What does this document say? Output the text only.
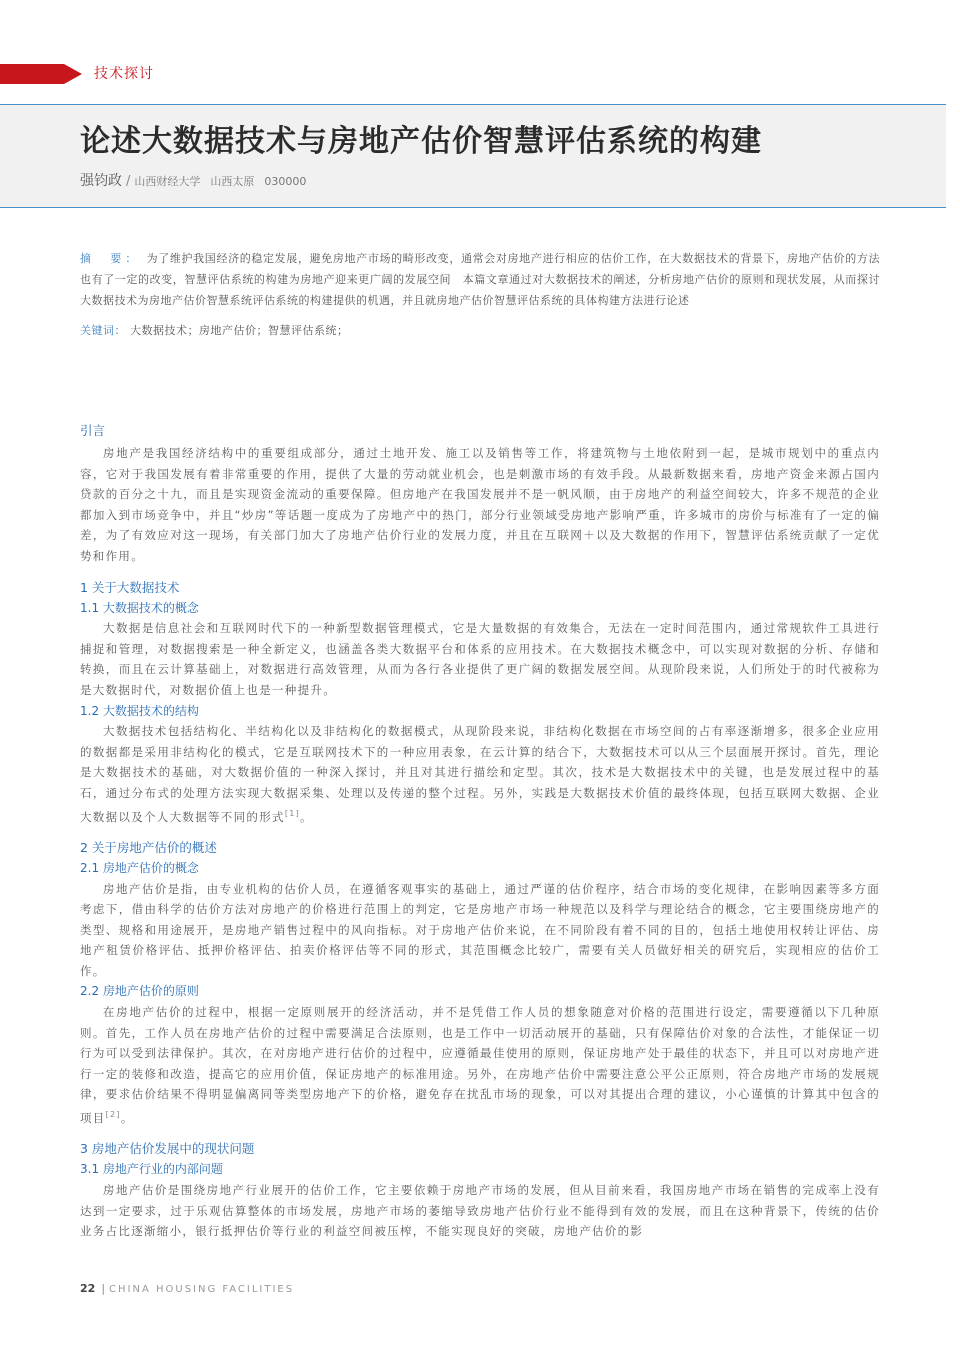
技术探讨
论述大数据技术与房地产估价智慧评估系统的构建
强钧政 / 山西财经大学 山西太原 030000
摘　要： 为了维护我国经济的稳定发展，避免房地产市场的畸形改变，通常会对房地产进行相应的估价工作，在大数据技术的背景下，房地产估价的方法也有了一定的改变，智慧评估系统的构建为房地产迎来更广阔的发展空间　本篇文章通过对大数据技术的阐述，分析房地产估价的原则和现状发展，从而探讨大数据技术为房地产估价智慧系统评估系统的构建提供的机遇，并且就房地产估价智慧评估系统的具体构建方法进行论述
关键词： 大数据技术；房地产估价；智慧评估系统；
引言
房地产是我国经济结构中的重要组成部分，通过土地开发、施工以及销售等工作，将建筑物与土地依附到一起，是城市规划中的重点内容，它对于我国发展有着非常重要的作用，提供了大量的劳动就业机会，也是刺激市场的有效手段。从最新数据来看，房地产资金来源占国内贷款的百分之十九，而且是实现资金流动的重要保障。但房地产在我国发展并不是一帆风顺，由于房地产的利益空间较大，许多不规范的企业都加入到市场竞争中，并且“炒房”等话题一度成为了房地产中的热门，部分行业领域受房地产影响严重，许多城市的房价与标准有了一定的偏差，为了有效应对这一现场，有关部门加大了房地产估价行业的发展力度，并且在互联网＋以及大数据的作用下，智慧评估系统贡献了一定优势和作用。
1 关于大数据技术
1.1 大数据技术的概念
大数据是信息社会和互联网时代下的一种新型数据管理模式，它是大量数据的有效集合，无法在一定时间范围内，通过常规软件工具进行捕捉和管理，对数据搜索是一种全新定义，也涵盖各类大数据平台和体系的应用技术。在大数据技术概念中，可以实现对数据的分析、存储和转换，而且在云计算基础上，对数据进行高效管理，从而为各行各业提供了更广阔的数据发展空间。从现阶段来说，人们所处于的时代被称为是大数据时代，对数据价值上也是一种提升。
1.2 大数据技术的结构
大数据技术包括结构化、半结构化以及非结构化的数据模式，从现阶段来说，非结构化数据在市场空间的占有率逐渐增多，很多企业应用的数据都是采用非结构化的模式，它是互联网技术下的一种应用表象，在云计算的结合下，大数据技术可以从三个层面展开探讨。首先，理论是大数据技术的基础，对大数据价值的一种深入探讨，并且对其进行描绘和定型。其次，技术是大数据技术中的关键，也是发展过程中的基石，通过分布式的处理方法实现大数据采集、处理以及传递的整个过程。另外，实践是大数据技术价值的最终体现，包括互联网大数据、企业大数据以及个人大数据等不同的形式[1]。
2 关于房地产估价的概述
2.1 房地产估价的概念
房地产估价是指，由专业机构的估价人员，在遵循客观事实的基础上，通过严谨的估价程序，结合市场的变化规律，在影响因素等多方面考虑下，借由科学的估价方法对房地产的价格进行范围上的判定，它是房地产市场一种规范以及科学与理论结合的概念，它主要围绕房地产的类型、规格和用途展开，是房地产销售过程中的风向指标。对于房地产估价来说，在不同阶段有着不同的目的，包括土地使用权转让评估、房地产租赁价格评估、抵押价格评估、拍卖价格评估等不同的形式，其范围概念比较广，需要有关人员做好相关的研究后，实现相应的估价工作。
2.2 房地产估价的原则
在房地产估价的过程中，根据一定原则展开的经济活动，并不是凭借工作人员的想象随意对价格的范围进行设定，需要遵循以下几种原则。首先，工作人员在房地产估价的过程中需要满足合法原则，也是工作中一切活动展开的基础，只有保障估价对象的合法性，才能保证一切行为可以受到法律保护。其次，在对房地产进行估价的过程中，应遵循最佳使用的原则，保证房地产处于最佳的状态下，并且可以对房地产进行一定的装修和改造，提高它的应用价值，保证房地产的标准用途。另外，在房地产估价中需要注意公平公正原则，符合房地产市场的发展规律，要求估价结果不得明显偏离同等类型房地产下的价格，避免存在扰乱市场的现象，可以对其提出合理的建议，小心谨慎的计算其中包含的项目[2]。
3 房地产估价发展中的现状问题
3.1 房地产行业的内部问题
房地产估价是围绕房地产行业展开的估价工作，它主要依赖于房地产市场的发展，但从目前来看，我国房地产市场在销售的完成率上没有达到一定要求，过于乐观估算整体的市场发展，房地产市场的萎缩导致房地产估价行业不能得到有效的发展，而且在这种背景下，传统的估价业务占比逐渐缩小，银行抵押估价等行业的利益空间被压榨，不能实现良好的突破，房地产估价的影
22 | CHINA HOUSING FACILITIES
